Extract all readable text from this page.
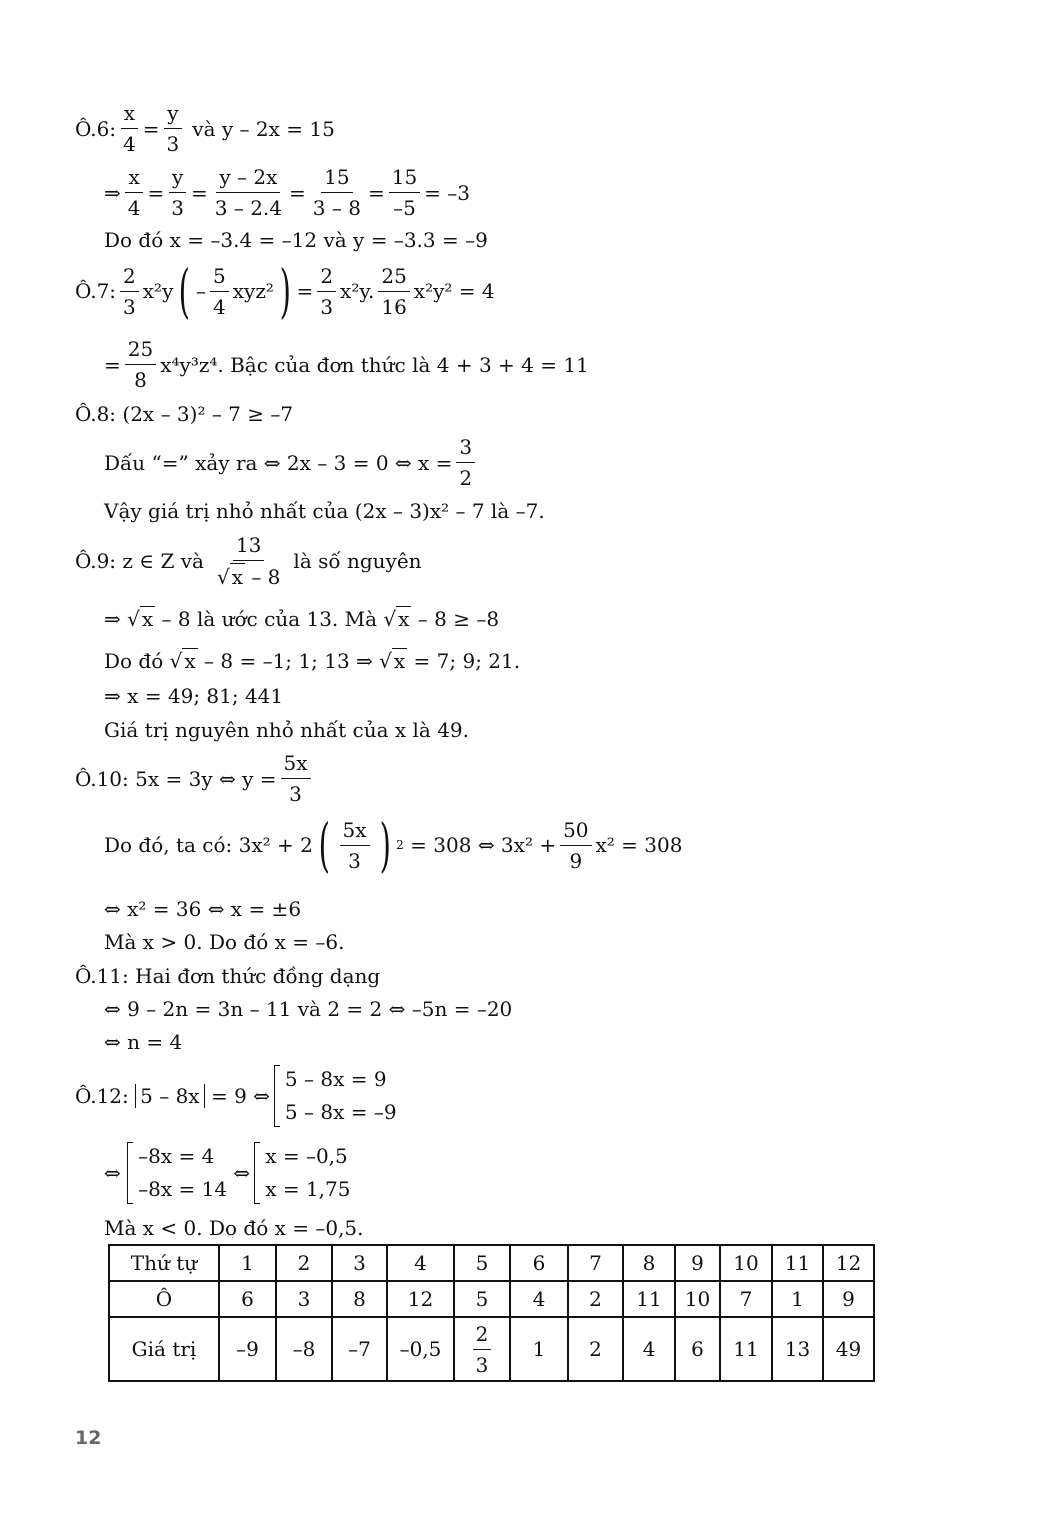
Ô.6: $\frac{x}{4} = \frac{y}{3}$ và y – 2x = 15
⇒ $\frac{x}{4} = \frac{y}{3} = \frac{y - 2x}{3 - 2.4} = \frac{15}{3 - 8} = \frac{15}{-5} = -3$
Do đó x = –3.4 = –12 và y = –3.3 = –9
Ô.7: $\frac{2}{3} x^2y$ ( – $\frac{5}{4} xyz^2$ ) = $\frac{2}{3} x^2y$. $\frac{25}{16} x^2y^2 = 4$
= $\frac{25}{8} x^4y^3z^4$. Bậc của đơn thức là 4 + 3 + 4 = 11
Ô.8: (2x – 3)² – 7 ≥ –7
Dấu “=” xảy ra ⇔ 2x – 3 = 0 ⇔ $x = \frac{3}{2}$
Vậy giá trị nhỏ nhất của (2x – 3)x² – 7 là –7.
Ô.9: z ∈ Z và $\frac{13}{√ x - 8}$ là số nguyên
⇒
√ x
– 8 là ước của 13. Mà
√ x
– 8 ≥ –8
Do đó
√ x
– 8 = –1; 1; 13 ⇒
√ x
= 7; 9; 21.
⇒ x = 49; 81; 441
Giá trị nguyên nhỏ nhất của x là 49.
Ô.10: 5x = 3y ⇔ $y = \frac{5x}{3}$
Do đó, ta có: 3x² + 2 ( $\frac{5x}{3}$ ) 2
= 308 ⇔ $3x^2 + \frac{50}{9} x^2 = 308$
⇔ x² = 36 ⇔ x = ±6
Mà x > 0. Do đó x = –6.
Ô.11: Hai đơn thức đồng dạng
⇔ 9 – 2n = 3n – 11 và 2 = 2 ⇔ –5n = –20
⇔ n = 4
Ô.12:
5 – 8x
= 9 ⇔
5 – 8x = 9
5 – 8x = –9
⇔

–8x = 4
–8x = 14

⇔
x = –0,5
x = 1,75
Mà x < 0. Do đó x = –0,5.
Thứ tự	1	2	3	4	5	6	7	8	9	10	11	12
Ô	6	3	8	12	5	4	2	11	10	7	1	9
Giá trị	–9	–8	–7	–0,5	$\frac{2}{3}$	1	2	4	6	11	13	49
12
